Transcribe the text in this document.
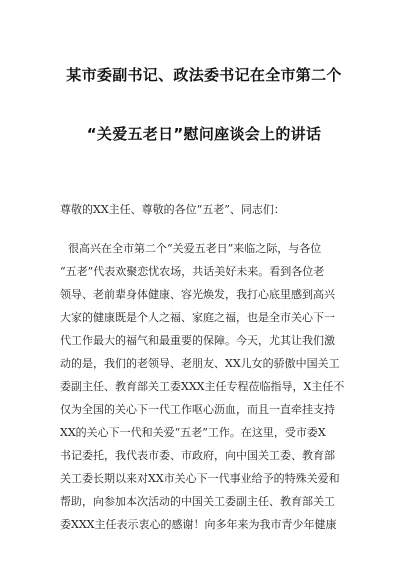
某市委副书记、政法委书记在全市第二个
“关爱五老日”慰问座谈会上的讲话
尊敬的XX主任、尊敬的各位“五老”、同志们：
很高兴在全市第二个“关爱五老日”来临之际，与各位
“五老”代表欢聚恋忧农场，共话美好未来。看到各位老
领导、老前辈身体健康、容光焕发，我打心底里感到高兴
大家的健康既是个人之福、家庭之福，也是全市关心下一
代工作最大的福气和最重要的保障。今天，尤其让我们激
动的是，我们的老领导、老朋友、XX儿女的骄傲中国关工
委副主任、教育部关工委XXX主任专程莅临指导，X主任不
仅为全国的关心下一代工作呕心沥血，而且一直牵挂支持
XX的关心下一代和关爱“五老”工作。在这里，受市委X
书记委托，我代表市委、市政府，向中国关工委、教育部
关工委长期以来对XX市关心下一代事业给予的特殊关爱和
帮助，向参加本次活动的中国关工委副主任、教育部关工
委XXX主任表示衷心的感谢！向多年来为我市青少年健康
